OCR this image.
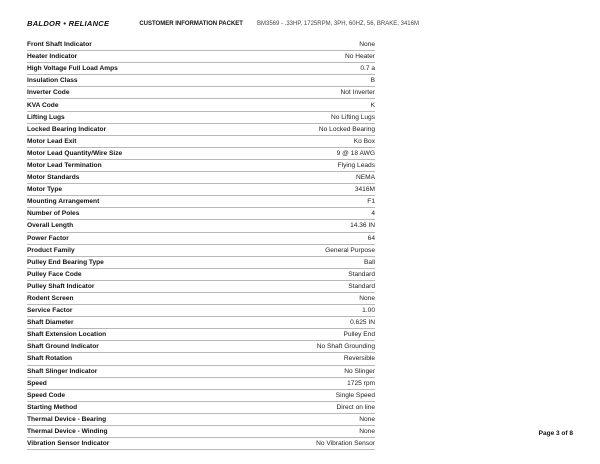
BALDOR • RELIANCE	CUSTOMER INFORMATION PACKET BM3569 - .33HP, 1725RPM, 3PH, 60HZ, 56, BRAKE, 3416M
Front Shaft Indicator	None
Heater Indicator	No Heater
High Voltage Full Load Amps	0.7 a
Insulation Class	B
Inverter Code	Not Inverter
KVA Code	K
Lifting Lugs	No Lifting Lugs
Locked Bearing Indicator	No Locked Bearing
Motor Lead Exit	Ko Box
Motor Lead Quantity/Wire Size	9 @ 18 AWG
Motor Lead Termination	Flying Leads
Motor Standards	NEMA
Motor Type	3416M
Mounting Arrangement	F1
Number of Poles	4
Overall Length	14.36 IN
Power Factor	64
Product Family	General Purpose
Pulley End Bearing Type	Ball
Pulley Face Code	Standard
Pulley Shaft Indicator	Standard
Rodent Screen	None
Service Factor	1.00
Shaft Diameter	0.625 IN
Shaft Extension Location	Pulley End
Shaft Ground Indicator	No Shaft Grounding
Shaft Rotation	Reversible
Shaft Slinger Indicator	No Slinger
Speed	1725 rpm
Speed Code	Single Speed
Starting Method	Direct on line
Thermal Device - Bearing	None
Thermal Device - Winding	None
Vibration Sensor Indicator	No Vibration Sensor
Page 3 of 8
